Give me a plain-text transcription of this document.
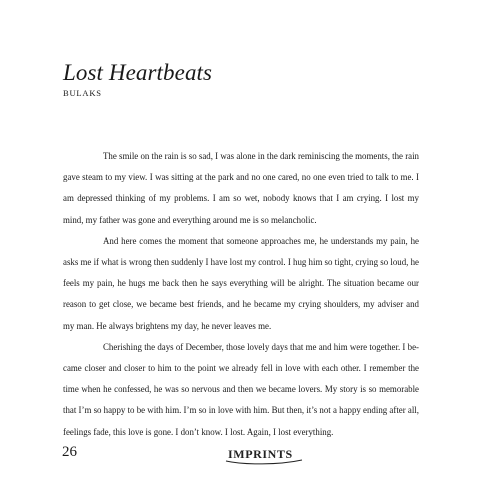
Lost Heartbeats
BULAKS

The smile on the rain is so sad, I was alone in the dark reminiscing the moments, the rain gave steam to my view. I was sitting at the park and no one cared, no one even tried to talk to me. I am depressed thinking of my problems. I am so wet, nobody knows that I am crying. I lost my mind, my father was gone and everything around me is so melancholic.

And here comes the moment that someone approaches me, he understands my pain, he asks me if what is wrong then suddenly I have lost my control. I hug him so tight, crying so loud, he feels my pain, he hugs me back then he says everything will be alright. The situation became our reason to get close, we became best friends, and he became my crying shoulders, my adviser and my man. He always brightens my day, he never leaves me.

Cherishing the days of December, those lovely days that me and him were together. I became closer and closer to him to the point we already fell in love with each other. I remember the time when he confessed, he was so nervous and then we became lovers. My story is so memorable that I’m so happy to be with him. I’m so in love with him. But then, it’s not a happy ending after all, feelings fade, this love is gone. I don’t know. I lost. Again, I lost everything.

26	IMPRINTS
